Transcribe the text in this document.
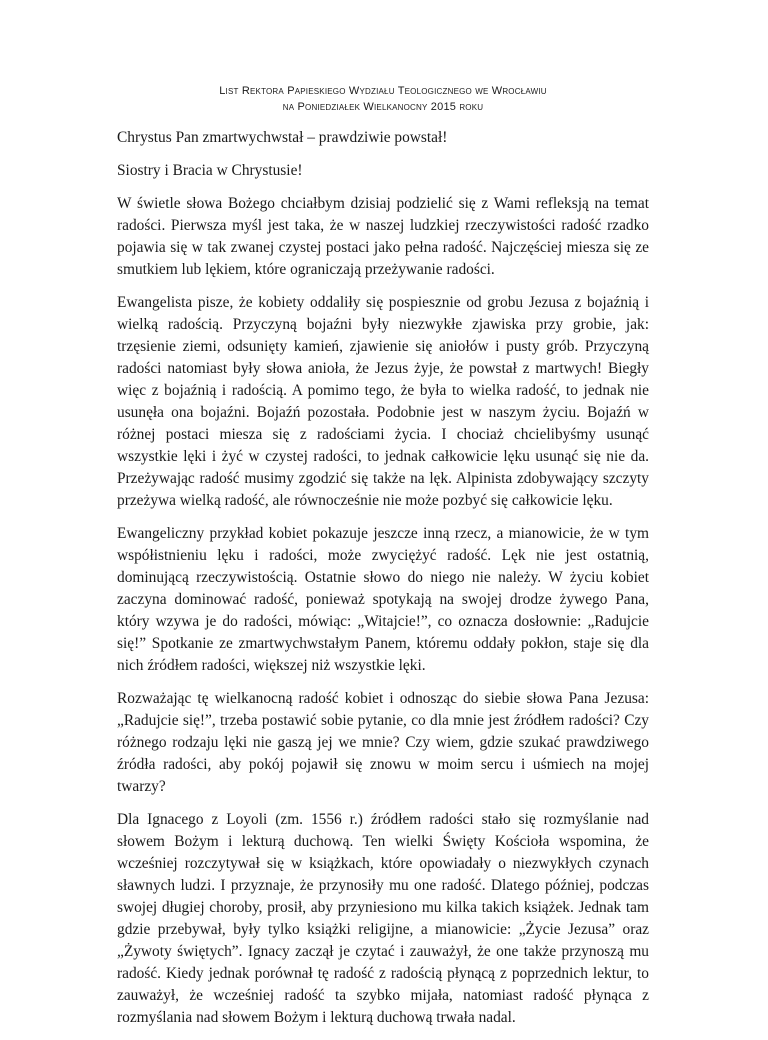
List Rektora Papieskiego Wydziału Teologicznego we Wrocławiu
na Poniedziałek Wielkanocny 2015 roku

Chrystus Pan zmartwychwstał – prawdziwie powstał!

Siostry i Bracia w Chrystusie!

W świetle słowa Bożego chciałbym dzisiaj podzielić się z Wami refleksją na temat radości. Pierwsza myśl jest taka, że w naszej ludzkiej rzeczywistości radość rzadko pojawia się w tak zwanej czystej postaci jako pełna radość. Najczęściej miesza się ze smutkiem lub lękiem, które ograniczają przeżywanie radości.

Ewangelista pisze, że kobiety oddaliły się pospiesznie od grobu Jezusa z bojaźnią i wielką radością. Przyczyną bojaźni były niezwykłe zjawiska przy grobie, jak: trzęsienie ziemi, odsunięty kamień, zjawienie się aniołów i pusty grób. Przyczyną radości natomiast były słowa anioła, że Jezus żyje, że powstał z martwych! Biegły więc z bojaźnią i radością. A pomimo tego, że była to wielka radość, to jednak nie usunęła ona bojaźni. Bojaźń pozostała. Podobnie jest w naszym życiu. Bojaźń w różnej postaci miesza się z radościami życia. I chociaż chcielibyśmy usunąć wszystkie lęki i żyć w czystej radości, to jednak całkowicie lęku usunąć się nie da. Przeżywając radość musimy zgodzić się także na lęk. Alpinista zdobywający szczyty przeżywa wielką radość, ale równocześnie nie może pozbyć się całkowicie lęku.

Ewangeliczny przykład kobiet pokazuje jeszcze inną rzecz, a mianowicie, że w tym współistnieniu lęku i radości, może zwyciężyć radość. Lęk nie jest ostatnią, dominującą rzeczywistością. Ostatnie słowo do niego nie należy. W życiu kobiet zaczyna dominować radość, ponieważ spotykają na swojej drodze żywego Pana, który wzywa je do radości, mówiąc: „Witajcie!”, co oznacza dosłownie: „Radujcie się!” Spotkanie ze zmartwychwstałym Panem, któremu oddały pokłon, staje się dla nich źródłem radości, większej niż wszystkie lęki.

Rozważając tę wielkanocną radość kobiet i odnosząc do siebie słowa Pana Jezusa: „Radujcie się!”, trzeba postawić sobie pytanie, co dla mnie jest źródłem radości? Czy różnego rodzaju lęki nie gaszą jej we mnie? Czy wiem, gdzie szukać prawdziwego źródła radości, aby pokój pojawił się znowu w moim sercu i uśmiech na mojej twarzy?

Dla Ignacego z Loyoli (zm. 1556 r.) źródłem radości stało się rozmyślanie nad słowem Bożym i lekturą duchową. Ten wielki Święty Kościoła wspomina, że wcześniej rozczytywał się w książkach, które opowiadały o niezwykłych czynach sławnych ludzi. I przyznaje, że przynosiły mu one radość. Dlatego później, podczas swojej długiej choroby, prosił, aby przyniesiono mu kilka takich książek. Jednak tam gdzie przebywał, były tylko książki religijne, a mianowicie: „Życie Jezusa” oraz „Żywoty świętych”. Ignacy zaczął je czytać i zauważył, że one także przynoszą mu radość. Kiedy jednak porównał tę radość z radością płynącą z poprzednich lektur, to zauważył, że wcześniej radość ta szybko mijała, natomiast radość płynąca z rozmyślania nad słowem Bożym i lekturą duchową trwała nadal.
